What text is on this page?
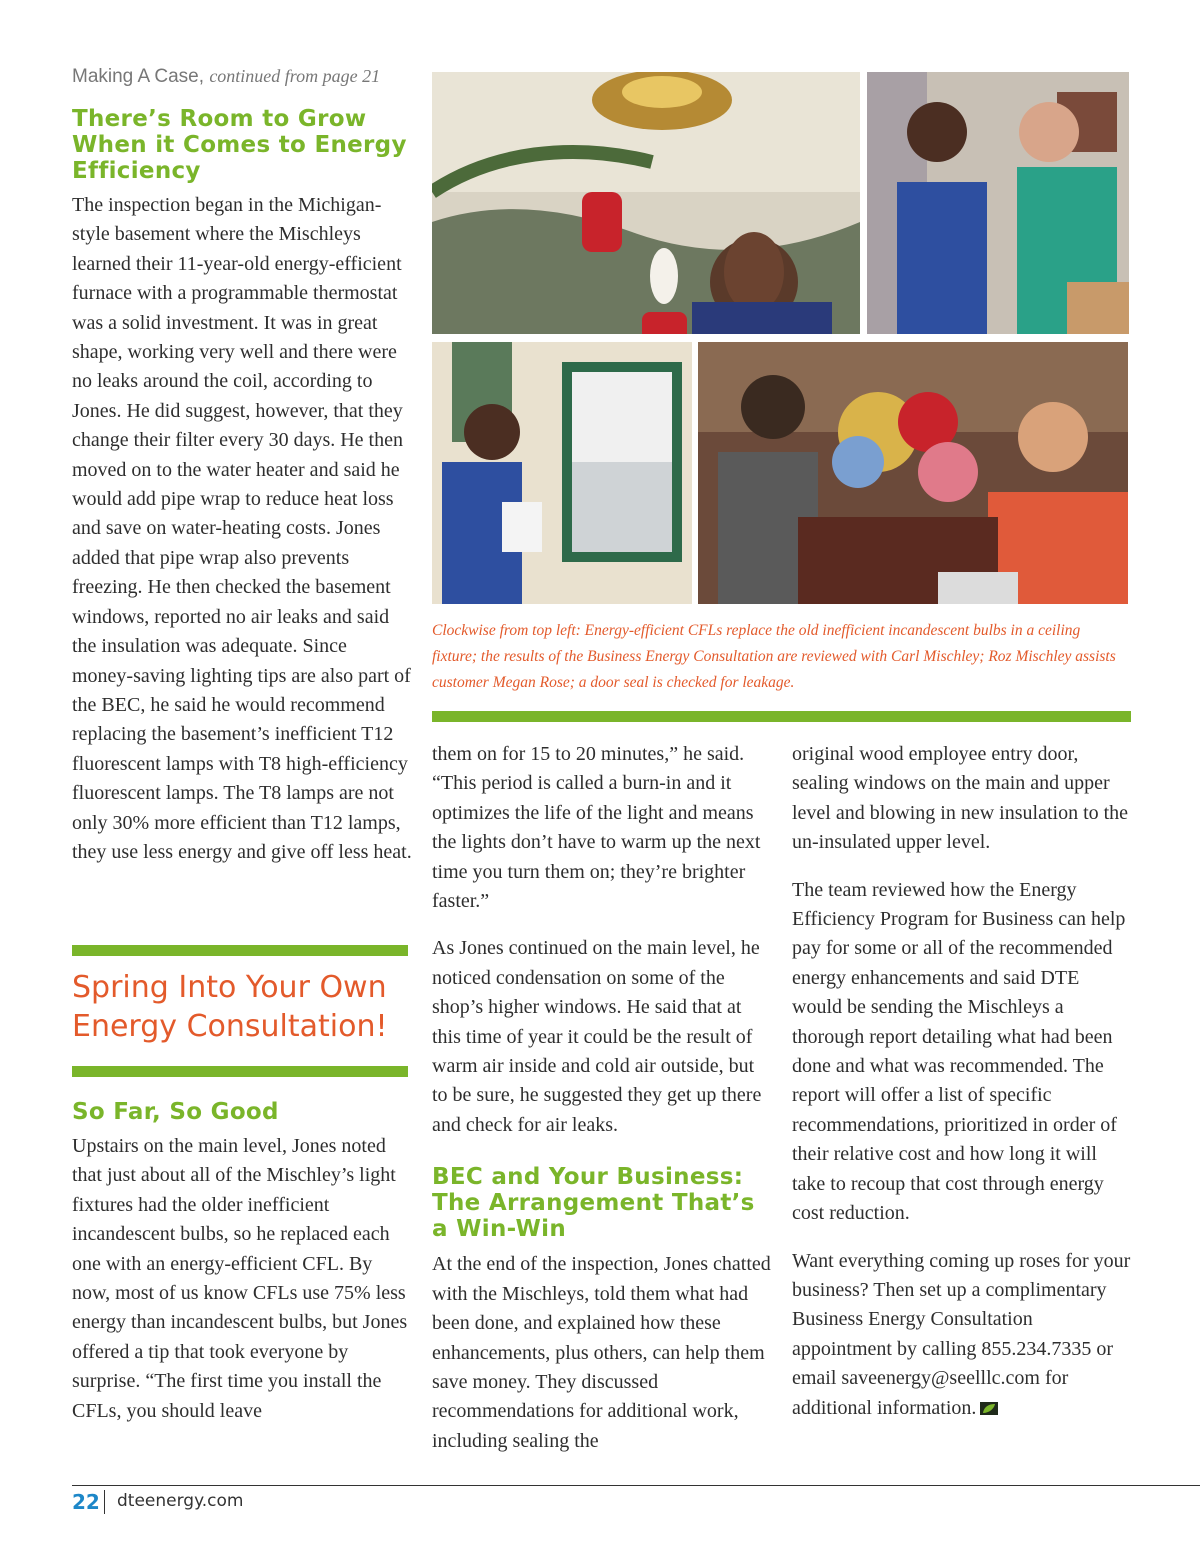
Making A Case, continued from page 21
There’s Room to Grow When it Comes to Energy Efficiency

The inspection began in the Michigan-style basement where the Mischleys learned their 11-year-old energy-efficient furnace with a programmable thermostat was a solid investment. It was in great shape, working very well and there were no leaks around the coil, according to Jones. He did suggest, however, that they change their filter every 30 days. He then moved on to the water heater and said he would add pipe wrap to reduce heat loss and save on water-heating costs. Jones added that pipe wrap also prevents freezing. He then checked the basement windows, reported no air leaks and said the insulation was adequate. Since money-saving lighting tips are also part of the BEC, he said he would recommend replacing the basement’s inefficient T12 fluorescent lamps with T8 high-efficiency fluorescent lamps. The T8 lamps are not only 30% more efficient than T12 lamps, they use less energy and give off less heat.

Spring Into Your Own Energy Consultation!
So Far, So Good

Upstairs on the main level, Jones noted that just about all of the Mischley’s light fixtures had the older inefficient incandescent bulbs, so he replaced each one with an energy-efficient CFL. By now, most of us know CFLs use 75% less energy than incandescent bulbs, but Jones offered a tip that took everyone by surprise. “The first time you install the CFLs, you should leave

Clockwise from top left: Energy-efficient CFLs replace the old inefficient incandescent bulbs in a ceiling fixture; the results of the Business Energy Consultation are reviewed with Carl Mischley; Roz Mischley assists customer Megan Rose; a door seal is checked for leakage.

them on for 15 to 20 minutes,” he said. “This period is called a burn-in and it optimizes the life of the light and means the lights don’t have to warm up the next time you turn them on; they’re brighter faster.”

As Jones continued on the main level, he noticed condensation on some of the shop’s higher windows. He said that at this time of year it could be the result of warm air inside and cold air outside, but to be sure, he suggested they get up there and check for air leaks.

BEC and Your Business: The Arrangement That’s a Win-Win

At the end of the inspection, Jones chatted with the Mischleys, told them what had been done, and explained how these enhancements, plus others, can help them save money. They discussed recommendations for additional work, including sealing the

original wood employee entry door, sealing windows on the main and upper level and blowing in new insulation to the un-insulated upper level.

The team reviewed how the Energy Efficiency Program for Business can help pay for some or all of the recommended energy enhancements and said DTE would be sending the Mischleys a thorough report detailing what had been done and what was recommended. The report will offer a list of specific recommendations, prioritized in order of their relative cost and how long it will take to recoup that cost through energy cost reduction.

Want everything coming up roses for your business? Then set up a complimentary Business Energy Consultation appointment by calling 855.234.7335 or email saveenergy@seelllc.com for additional information.

22 dteenergy.com
